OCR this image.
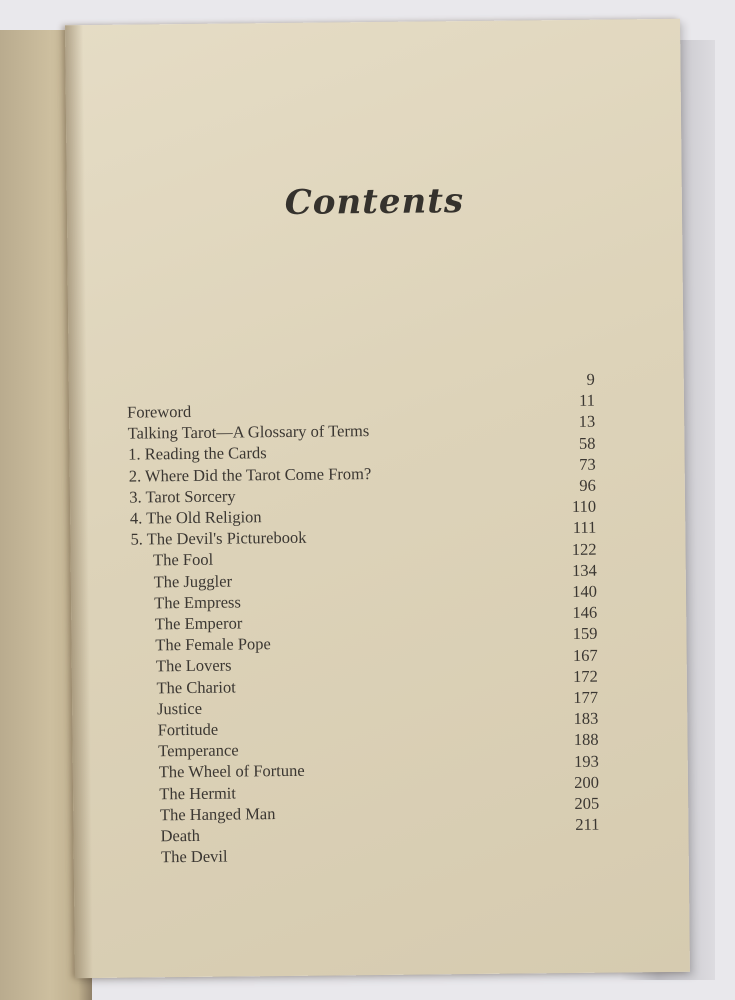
Contents
Foreword
Talking Tarot—A Glossary of Terms
1. Reading the Cards
2. Where Did the Tarot Come From?
3. Tarot Sorcery
4. The Old Religion
5. The Devil's Picturebook
The Fool
The Juggler
The Empress
The Emperor
The Female Pope
The Lovers
The Chariot
Justice
Fortitude
Temperance
The Wheel of Fortune
The Hermit
The Hanged Man
Death
The Devil
9
11
13
58
73
96
110
111
122
134
140
146
159
167
172
177
183
188
193
200
205
211
